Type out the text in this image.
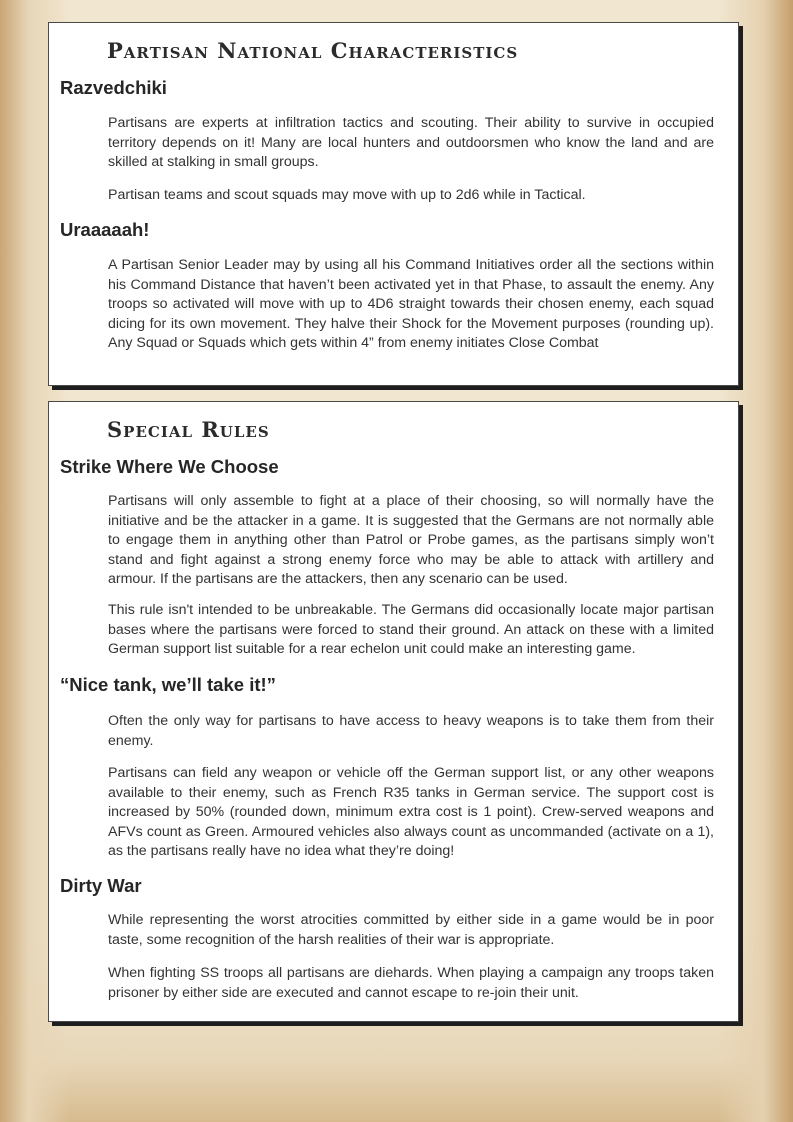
Partisan National Characteristics
Razvedchiki

Partisans are experts at infiltration tactics and scouting. Their ability to survive in occupied territory depends on it! Many are local hunters and outdoorsmen who know the land and are skilled at stalking in small groups.

Partisan teams and scout squads may move with up to 2d6 while in Tactical.

Uraaaaah!

A Partisan Senior Leader may by using all his Command Initiatives order all the sections within his Command Distance that haven’t been activated yet in that Phase, to assault the enemy. Any troops so activated will move with up to 4D6 straight towards their chosen enemy, each squad dicing for its own movement. They halve their Shock for the Movement purposes (rounding up). Any Squad or Squads which gets within 4” from enemy initiates Close Combat

Special Rules
Strike Where We Choose

Partisans will only assemble to fight at a place of their choosing, so will normally have the initiative and be the attacker in a game. It is suggested that the Germans are not normally able to engage them in anything other than Patrol or Probe games, as the partisans simply won’t stand and fight against a strong enemy force who may be able to attack with artillery and armour. If the partisans are the attackers, then any scenario can be used.

This rule isn't intended to be unbreakable. The Germans did occasionally locate major partisan bases where the partisans were forced to stand their ground. An attack on these with a limited German support list suitable for a rear echelon unit could make an interesting game.

“Nice tank, we’ll take it!”

Often the only way for partisans to have access to heavy weapons is to take them from their enemy.

Partisans can field any weapon or vehicle off the German support list, or any other weapons available to their enemy, such as French R35 tanks in German service. The support cost is increased by 50% (rounded down, minimum extra cost is 1 point). Crew-served weapons and AFVs count as Green. Armoured vehicles also always count as uncommanded (activate on a 1), as the partisans really have no idea what they’re doing!

Dirty War

While representing the worst atrocities committed by either side in a game would be in poor taste, some recognition of the harsh realities of their war is appropriate.

When fighting SS troops all partisans are diehards. When playing a campaign any troops taken prisoner by either side are executed and cannot escape to re-join their unit.
